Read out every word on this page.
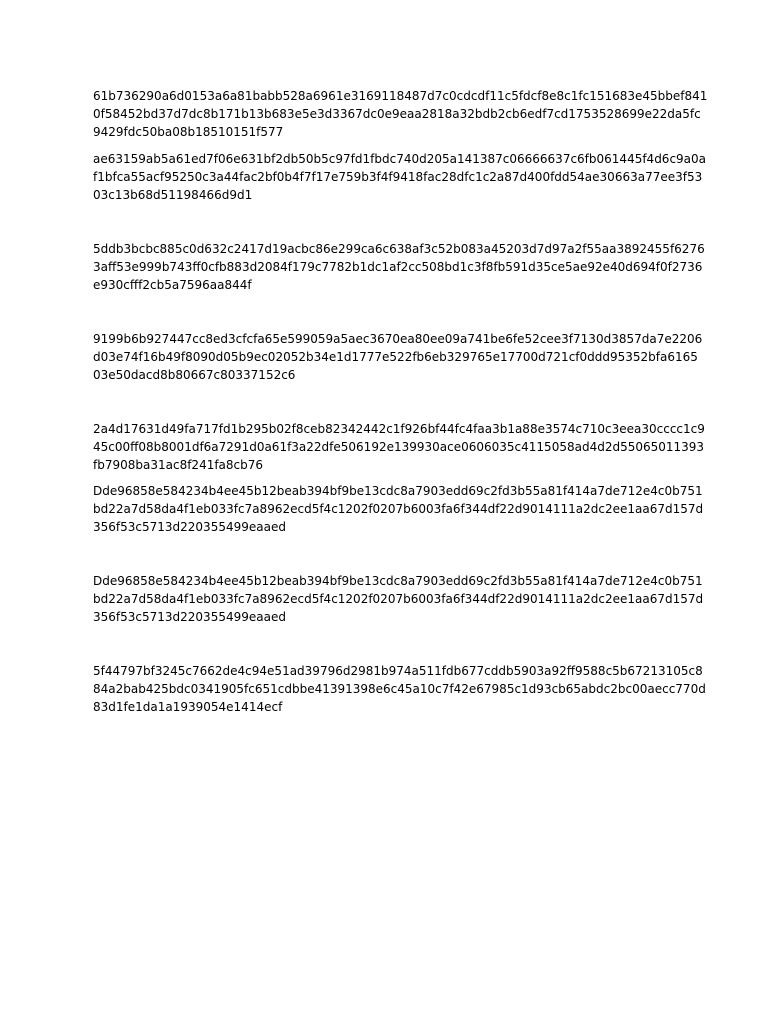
61b736290a6d0153a6a81babb528a6961e3169118487d7c0cdcdf11c5fdcf8e8c1fc151683e45bbef841
0f58452bd37d7dc8b171b13b683e5e3d3367dc0e9eaa2818a32bdb2cb6edf7cd1753528699e22da5fc
9429fdc50ba08b18510151f577

ae63159ab5a61ed7f06e631bf2db50b5c97fd1fbdc740d205a141387c06666637c6fb061445f4d6c9a0a
f1bfca55acf95250c3a44fac2bf0b4f7f17e759b3f4f9418fac28dfc1c2a87d400fdd54ae30663a77ee3f53
03c13b68d51198466d9d1

5ddb3bcbc885c0d632c2417d19acbc86e299ca6c638af3c52b083a45203d7d97a2f55aa3892455f6276
3aff53e999b743ff0cfb883d2084f179c7782b1dc1af2cc508bd1c3f8fb591d35ce5ae92e40d694f0f2736
e930cfff2cb5a7596aa844f

9199b6b927447cc8ed3cfcfa65e599059a5aec3670ea80ee09a741be6fe52cee3f7130d3857da7e2206
d03e74f16b49f8090d05b9ec02052b34e1d1777e522fb6eb329765e17700d721cf0ddd95352bfa6165
03e50dacd8b80667c80337152c6

2a4d17631d49fa717fd1b295b02f8ceb82342442c1f926bf44fc4faa3b1a88e3574c710c3eea30cccc1c9
45c00ff08b8001df6a7291d0a61f3a22dfe506192e139930ace0606035c4115058ad4d2d55065011393
fb7908ba31ac8f241fa8cb76

Dde96858e584234b4ee45b12beab394bf9be13cdc8a7903edd69c2fd3b55a81f414a7de712e4c0b751
bd22a7d58da4f1eb033fc7a8962ecd5f4c1202f0207b6003fa6f344df22d9014111a2dc2ee1aa67d157d
356f53c5713d220355499eaaed

Dde96858e584234b4ee45b12beab394bf9be13cdc8a7903edd69c2fd3b55a81f414a7de712e4c0b751
bd22a7d58da4f1eb033fc7a8962ecd5f4c1202f0207b6003fa6f344df22d9014111a2dc2ee1aa67d157d
356f53c5713d220355499eaaed

5f44797bf3245c7662de4c94e51ad39796d2981b974a511fdb677cddb5903a92ff9588c5b67213105c8
84a2bab425bdc0341905fc651cdbbe41391398e6c45a10c7f42e67985c1d93cb65abdc2bc00aecc770d
83d1fe1da1a1939054e1414ecf
